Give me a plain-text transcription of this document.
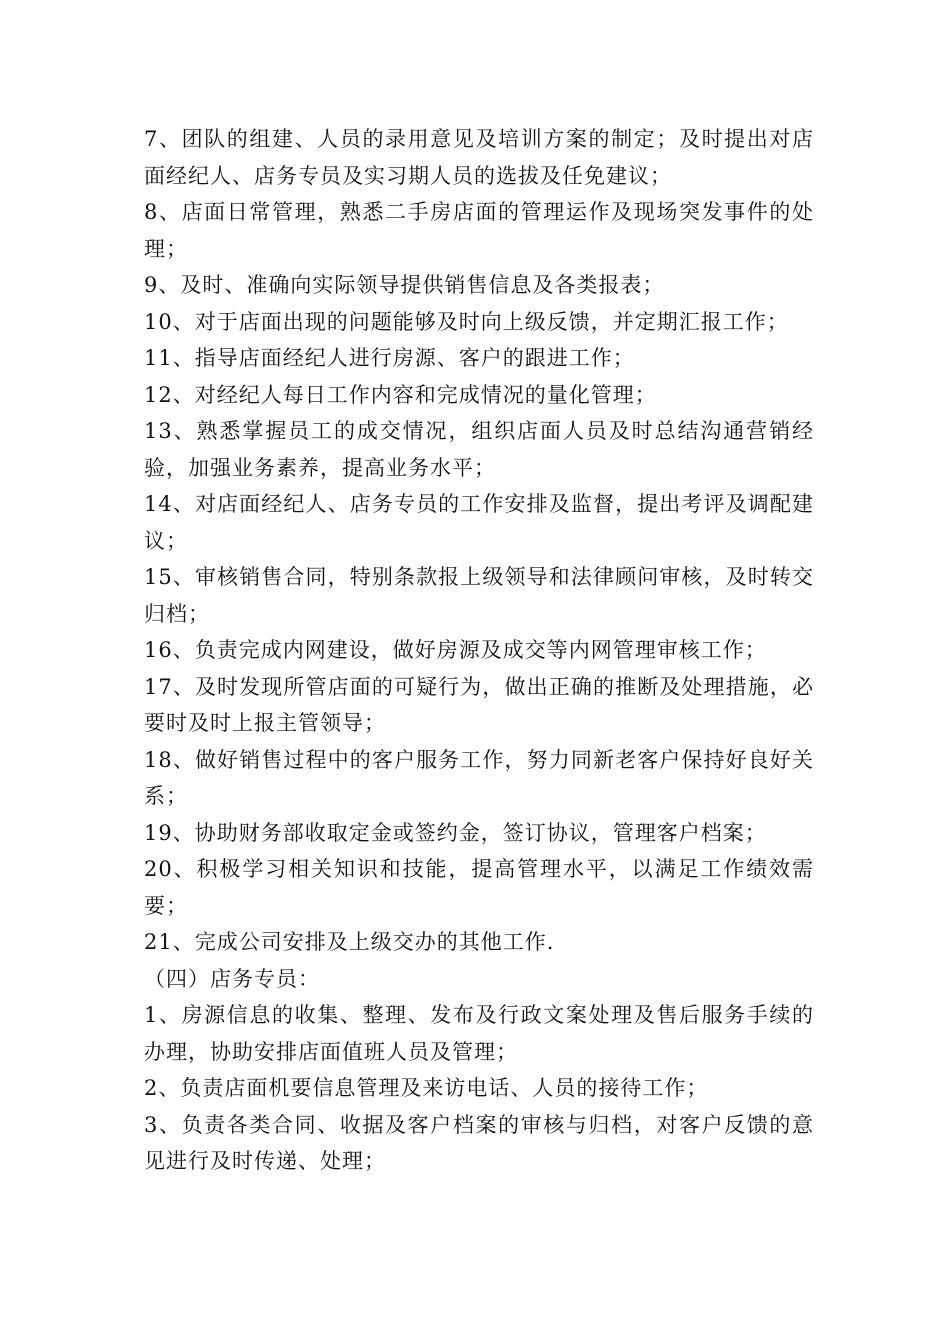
7、团队的组建、人员的录用意见及培训方案的制定；及时提出对店面经纪人、店务专员及实习期人员的选拔及任免建议；

8、店面日常管理，熟悉二手房店面的管理运作及现场突发事件的处理；

9、及时、准确向实际领导提供销售信息及各类报表；

10、对于店面出现的问题能够及时向上级反馈，并定期汇报工作；

11、指导店面经纪人进行房源、客户的跟进工作；

12、对经纪人每日工作内容和完成情况的量化管理；

13、熟悉掌握员工的成交情况，组织店面人员及时总结沟通营销经验，加强业务素养，提高业务水平；

14、对店面经纪人、店务专员的工作安排及监督，提出考评及调配建议；

15、审核销售合同，特别条款报上级领导和法律顾问审核，及时转交归档；

16、负责完成内网建设，做好房源及成交等内网管理审核工作；

17、及时发现所管店面的可疑行为，做出正确的推断及处理措施，必要时及时上报主管领导；

18、做好销售过程中的客户服务工作，努力同新老客户保持好良好关系；

19、协助财务部收取定金或签约金，签订协议，管理客户档案；

20、积极学习相关知识和技能，提高管理水平，以满足工作绩效需要；

21、完成公司安排及上级交办的其他工作.

（四）店务专员：

1、房源信息的收集、整理、发布及行政文案处理及售后服务手续的办理，协助安排店面值班人员及管理；

2、负责店面机要信息管理及来访电话、人员的接待工作；

3、负责各类合同、收据及客户档案的审核与归档，对客户反馈的意见进行及时传递、处理；
